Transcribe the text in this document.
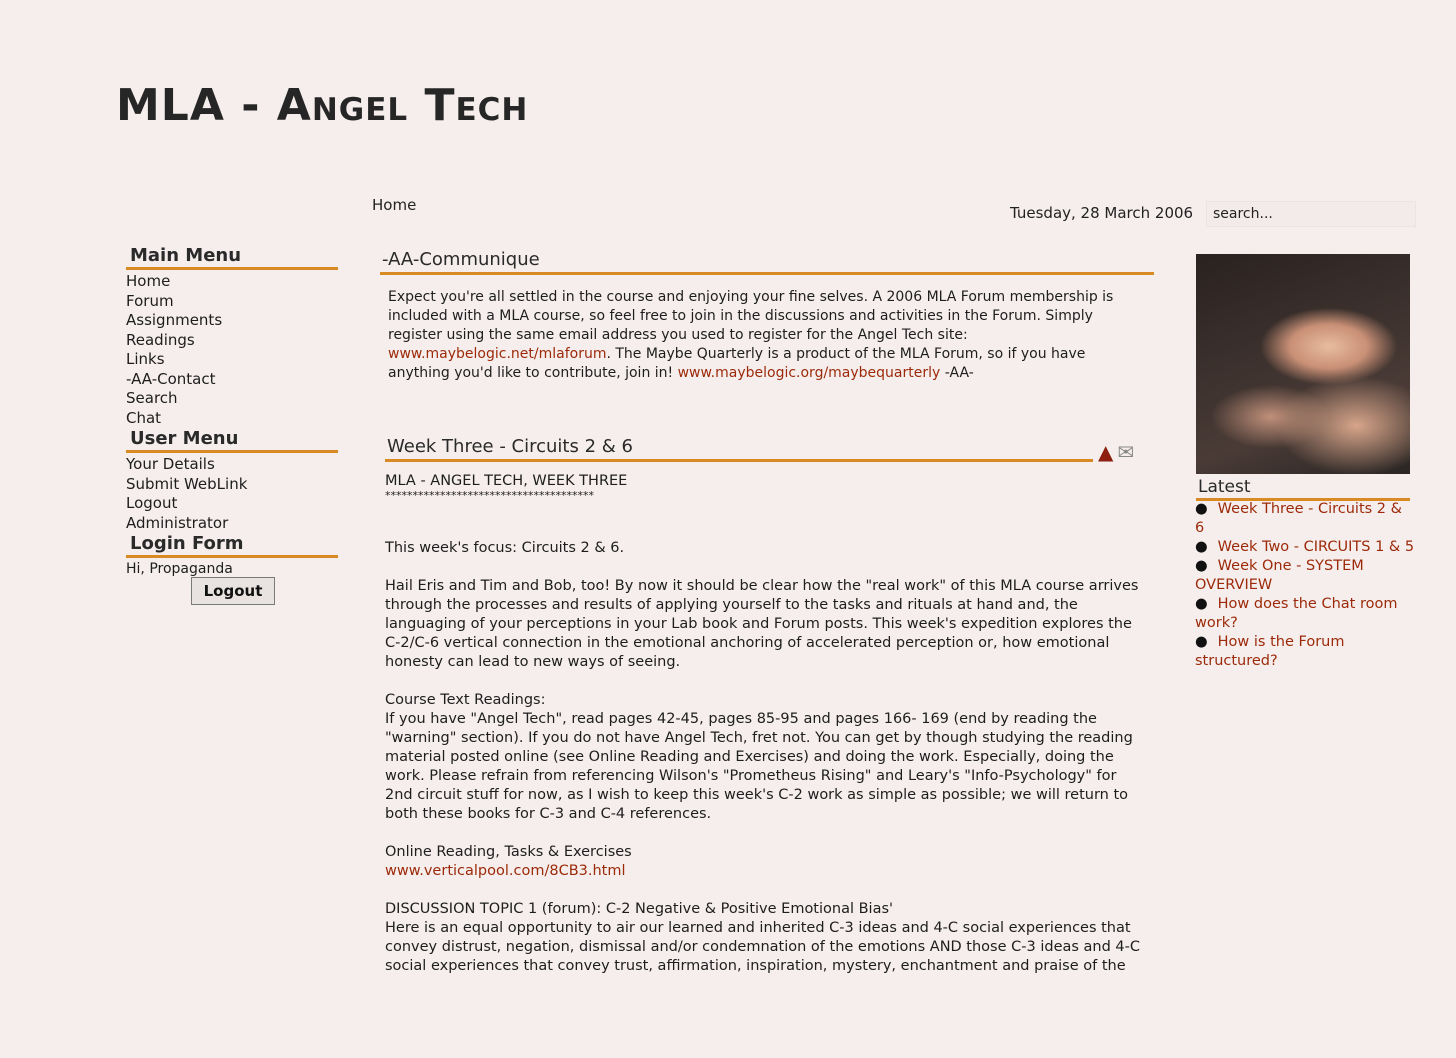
MLA - Angel Tech
Home	Tuesday, 28 March 2006
search...
Main Menu
Home
Forum
Assignments
Readings
Links
-AA-Contact
Search
Chat
User Menu
Your Details
Submit WebLink
Logout
Administrator
Login Form

Hi, Propaganda

Logout
-AA-Communique
Expect you're all settled in the course and enjoying your fine selves. A 2006 MLA Forum membership is included with a MLA course, so feel free to join in the discussions and activities in the Forum. Simply register using the same email address you used to register for the Angel Tech site: www.maybelogic.net/mlaforum. The Maybe Quarterly is a product of the MLA Forum, so if you have anything you'd like to contribute, join in! www.maybelogic.org/maybequarterly -AA-
Week Three - Circuits 2 & 6	▲ ✉

MLA - ANGEL TECH, WEEK THREE

**************************************

This week's focus: Circuits 2 & 6.

Hail Eris and Tim and Bob, too! By now it should be clear how the "real work" of this MLA course arrives through the processes and results of applying yourself to the tasks and rituals at hand and, the languaging of your perceptions in your Lab book and Forum posts. This week's expedition explores the C-2/C-6 vertical connection in the emotional anchoring of accelerated perception or, how emotional honesty can lead to new ways of seeing.

Course Text Readings:

If you have "Angel Tech", read pages 42-45, pages 85-95 and pages 166- 169 (end by reading the "warning" section). If you do not have Angel Tech, fret not. You can get by though studying the reading material posted online (see Online Reading and Exercises) and doing the work. Especially, doing the work. Please refrain from referencing Wilson's "Prometheus Rising" and Leary's "Info-Psychology" for 2nd circuit stuff for now, as I wish to keep this week's C-2 work as simple as possible; we will return to both these books for C-3 and C-4 references.

Online Reading, Tasks & Exercises

www.verticalpool.com/8CB3.html

DISCUSSION TOPIC 1 (forum): C-2 Negative & Positive Emotional Bias'

Here is an equal opportunity to air our learned and inherited C-3 ideas and 4-C social experiences that convey distrust, negation, dismissal and/or condemnation of the emotions AND those C-3 ideas and 4-C social experiences that convey trust, affirmation, inspiration, mystery, enchantment and praise of the

Latest
● Week Three - Circuits 2 & 6
● Week Two - CIRCUITS 1 & 5
● Week One - SYSTEM OVERVIEW
● How does the Chat room work?
● How is the Forum structured?
